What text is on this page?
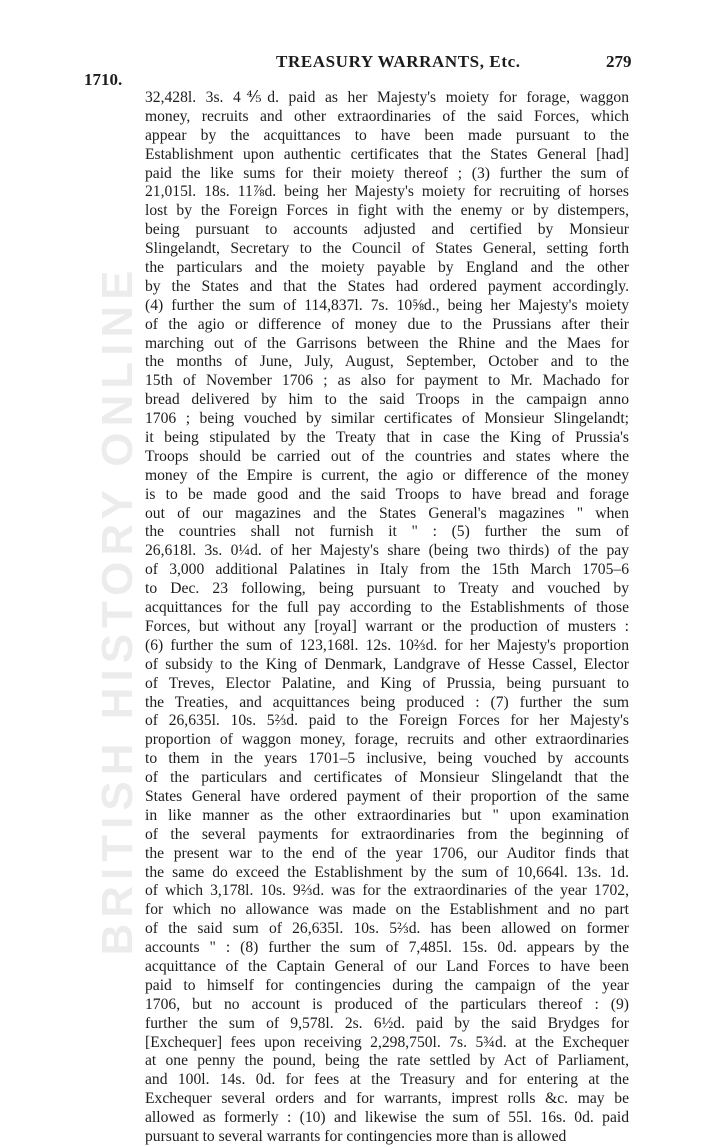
1710.
TREASURY WARRANTS, Etc.	279
BRITISH HISTORY ONLINE
32,428l. 3s. 4⅘d. paid as her Majesty's moiety for forage, waggon
money, recruits and other extraordinaries of the said Forces, which
appear by the acquittances to have been made pursuant to the
Establishment upon authentic certificates that the States General [had]
paid the like sums for their moiety thereof ; (3) further the sum of
21,015l. 18s. 11⅞d. being her Majesty's moiety for recruiting of horses
lost by the Foreign Forces in fight with the enemy or by distempers,
being pursuant to accounts adjusted and certified by Monsieur
Slingelandt, Secretary to the Council of States General, setting forth
the particulars and the moiety payable by England and the other
by the States and that the States had ordered payment accordingly.
(4) further the sum of 114,837l. 7s. 10⅝d., being her Majesty's moiety
of the agio or difference of money due to the Prussians after their
marching out of the Garrisons between the Rhine and the Maes for
the months of June, July, August, September, October and to the
15th of November 1706 ; as also for payment to Mr. Machado for
bread delivered by him to the said Troops in the campaign anno
1706 ; being vouched by similar certificates of Monsieur Slingelandt;
it being stipulated by the Treaty that in case the King of Prussia's
Troops should be carried out of the countries and states where the
money of the Empire is current, the agio or difference of the money
is to be made good and the said Troops to have bread and forage
out of our magazines and the States General's magazines " when
the countries shall not furnish it " : (5) further the sum of
26,618l. 3s. 0¼d. of her Majesty's share (being two thirds) of the pay
of 3,000 additional Palatines in Italy from the 15th March 1705–6
to Dec. 23 following, being pursuant to Treaty and vouched by
acquittances for the full pay according to the Establishments of those
Forces, but without any [royal] warrant or the production of musters :
(6) further the sum of 123,168l. 12s. 10⅔d. for her Majesty's proportion
of subsidy to the King of Denmark, Landgrave of Hesse Cassel, Elector
of Treves, Elector Palatine, and King of Prussia, being pursuant to
the Treaties, and acquittances being produced : (7) further the sum
of 26,635l. 10s. 5⅔d. paid to the Foreign Forces for her Majesty's
proportion of waggon money, forage, recruits and other extraordinaries
to them in the years 1701–5 inclusive, being vouched by accounts
of the particulars and certificates of Monsieur Slingelandt that the
States General have ordered payment of their proportion of the same
in like manner as the other extraordinaries but " upon examination
of the several payments for extraordinaries from the beginning of
the present war to the end of the year 1706, our Auditor finds that
the same do exceed the Establishment by the sum of 10,664l. 13s. 1d.
of which 3,178l. 10s. 9⅔d. was for the extraordinaries of the year 1702,
for which no allowance was made on the Establishment and no part
of the said sum of 26,635l. 10s. 5⅔d. has been allowed on former
accounts " : (8) further the sum of 7,485l. 15s. 0d. appears by the
acquittance of the Captain General of our Land Forces to have been
paid to himself for contingencies during the campaign of the year
1706, but no account is produced of the particulars thereof : (9)
further the sum of 9,578l. 2s. 6½d. paid by the said Brydges for
[Exchequer] fees upon receiving 2,298,750l. 7s. 5¾d. at the Exchequer
at one penny the pound, being the rate settled by Act of Parliament,
and 100l. 14s. 0d. for fees at the Treasury and for entering at the
Exchequer several orders and for warrants, imprest rolls &c. may be
allowed as formerly : (10) and likewise the sum of 55l. 16s. 0d. paid
pursuant to several warrants for contingencies more than is allowed
